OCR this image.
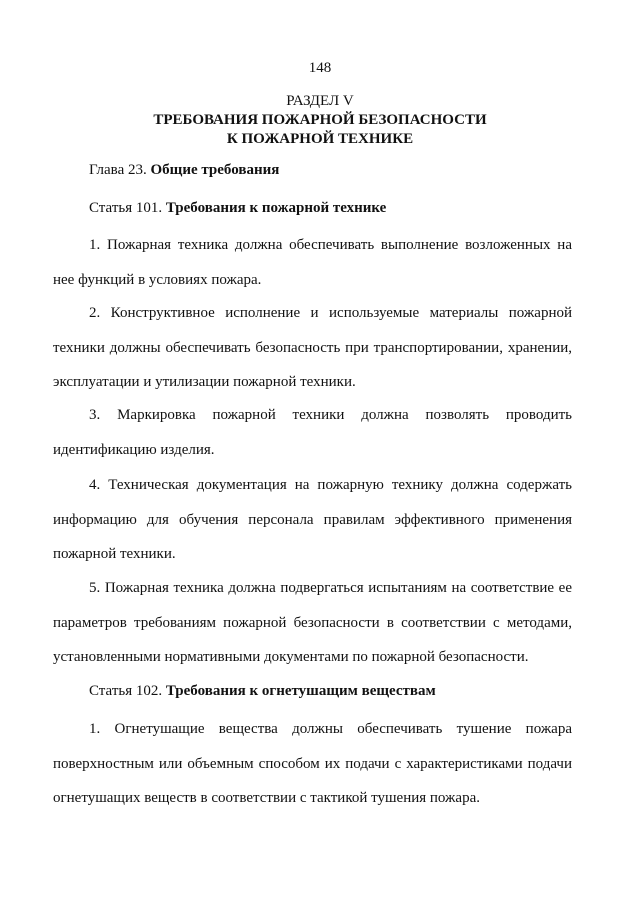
148
РАЗДЕЛ V
ТРЕБОВАНИЯ ПОЖАРНОЙ БЕЗОПАСНОСТИ
К ПОЖАРНОЙ ТЕХНИКЕ
Глава 23. Общие требования
Статья 101. Требования к пожарной технике

1. Пожарная техника должна обеспечивать выполнение возложенных на нее функций в условиях пожара.

2. Конструктивное исполнение и используемые материалы пожарной техники должны обеспечивать безопасность при транспортировании, хранении, эксплуатации и утилизации пожарной техники.

3. Маркировка пожарной техники должна позволять проводить идентификацию изделия.

4. Техническая документация на пожарную технику должна содержать информацию для обучения персонала правилам эффективного применения пожарной техники.

5. Пожарная техника должна подвергаться испытаниям на соответствие ее параметров требованиям пожарной безопасности в соответствии с методами, установленными нормативными документами по пожарной безопасности.

Статья 102. Требования к огнетушащим веществам

1. Огнетушащие вещества должны обеспечивать тушение пожара поверхностным или объемным способом их подачи с характеристиками подачи огнетушащих веществ в соответствии с тактикой тушения пожара.
